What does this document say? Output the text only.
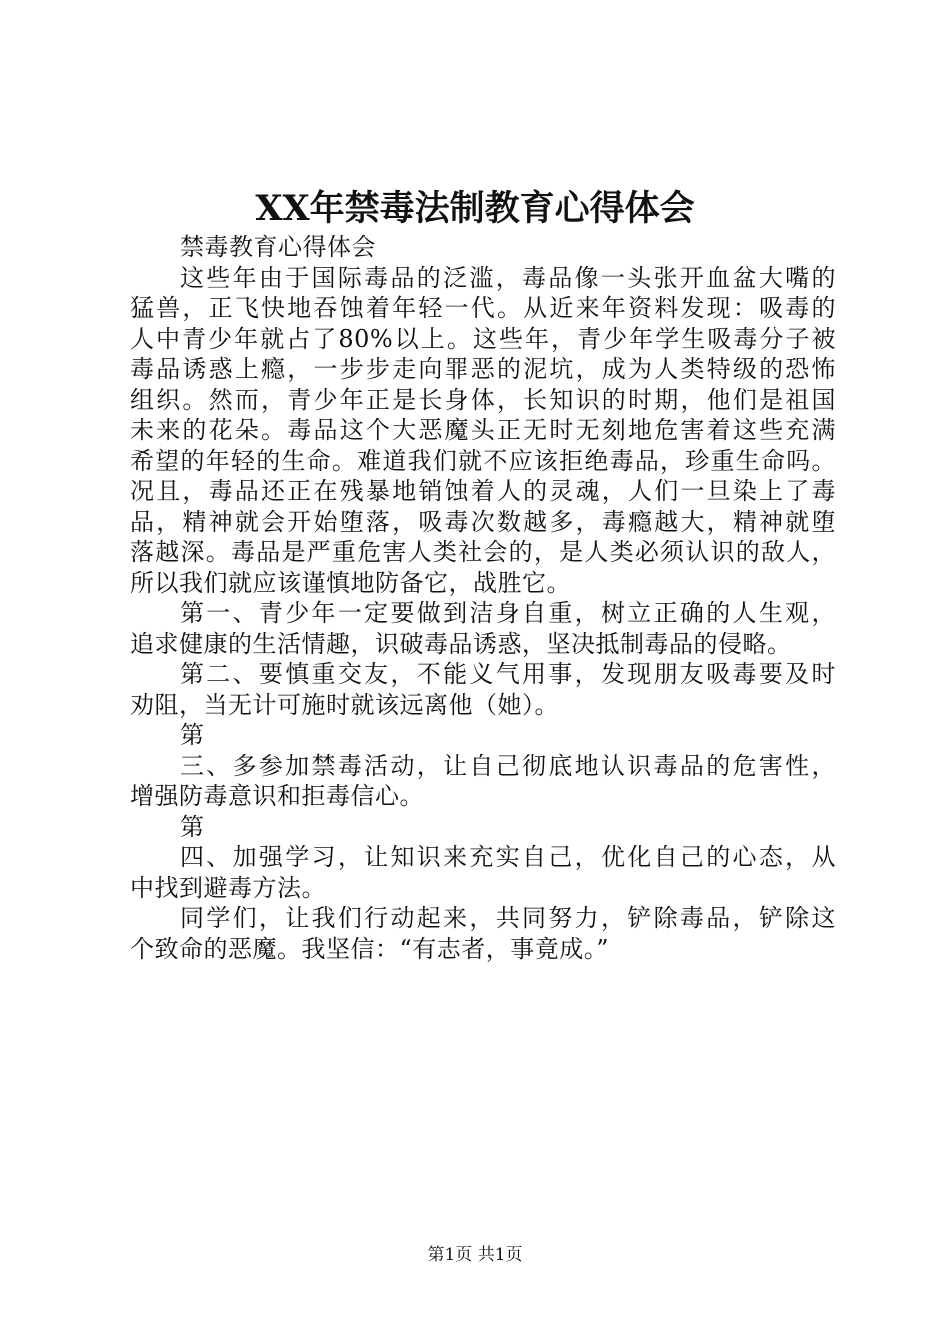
XX年禁毒法制教育心得体会
禁毒教育心得体会
这些年由于国际毒品的泛滥，毒品像一头张开血盆大嘴的
猛兽，正飞快地吞蚀着年轻一代。从近来年资料发现：吸毒的
人中青少年就占了80%以上。这些年，青少年学生吸毒分子被
毒品诱惑上瘾，一步步走向罪恶的泥坑，成为人类特级的恐怖
组织。然而，青少年正是长身体，长知识的时期，他们是祖国
未来的花朵。毒品这个大恶魔头正无时无刻地危害着这些充满
希望的年轻的生命。难道我们就不应该拒绝毒品，珍重生命吗。
况且，毒品还正在残暴地销蚀着人的灵魂，人们一旦染上了毒
品，精神就会开始堕落，吸毒次数越多，毒瘾越大，精神就堕
落越深。毒品是严重危害人类社会的，是人类必须认识的敌人，
所以我们就应该谨慎地防备它，战胜它。
第一、青少年一定要做到洁身自重，树立正确的人生观，
追求健康的生活情趣，识破毒品诱惑，坚决抵制毒品的侵略。
第二、要慎重交友，不能义气用事，发现朋友吸毒要及时
劝阻，当无计可施时就该远离他（她）。
第
三、多参加禁毒活动，让自己彻底地认识毒品的危害性，
增强防毒意识和拒毒信心。
第
四、加强学习，让知识来充实自己，优化自己的心态，从
中找到避毒方法。
同学们，让我们行动起来，共同努力，铲除毒品，铲除这
个致命的恶魔。我坚信：“有志者，事竟成。”
第1页 共1页
